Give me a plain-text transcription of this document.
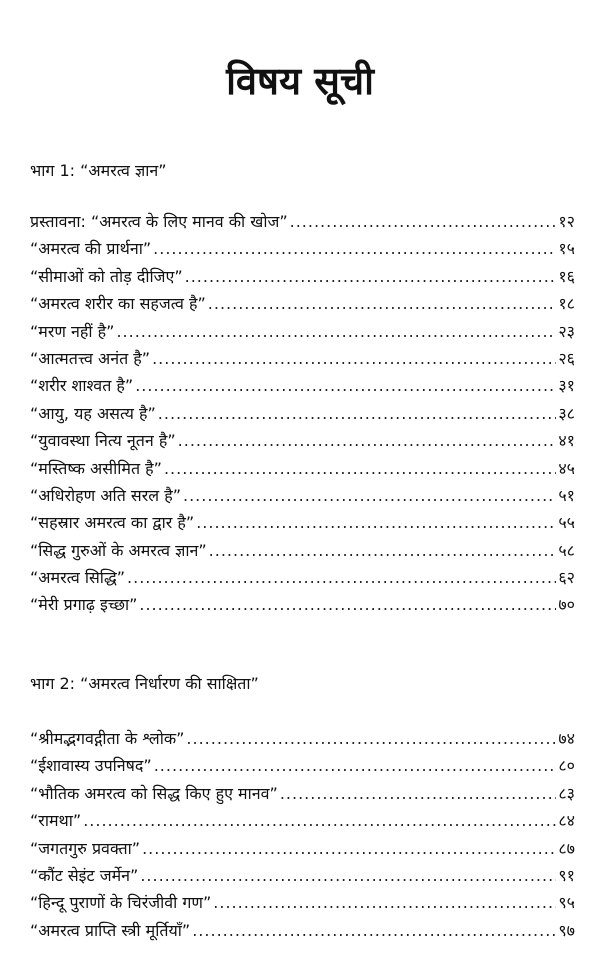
विषय सूची
भाग 1: “अमरत्व ज्ञान”
प्रस्तावना: “अमरत्व के लिए मानव की खोज” .....	१२
“अमरत्व की प्रार्थना” .....	१५
“सीमाओं को तोड़ दीजिए” .....	१६
“अमरत्व शरीर का सहजत्व है” .....	१८
“मरण नहीं है” .....	२३
“आत्मतत्त्व अनंत है” .....	२६
“शरीर शाश्वत है” .....	३१
“आयु, यह असत्य है” .....	३८
“युवावस्था नित्य नूतन है” .....	४१
“मस्तिष्क असीमित है” .....	४५
“अधिरोहण अति सरल है” .....	५१
“सहस्रार अमरत्व का द्वार है” .....	५५
“सिद्ध गुरुओं के अमरत्व ज्ञान” .....	५८
“अमरत्व सिद्धि” .....	६२
“मेरी प्रगाढ़ इच्छा” .....	७०
भाग 2: “अमरत्व निर्धारण की साक्षिता”
“श्रीमद्भगवद्गीता के श्लोक” .....	७४
“ईशावास्य उपनिषद” .....	८०
“भौतिक अमरत्व को सिद्ध किए हुए मानव” .....	८३
“रामथा” .....	८४
“जगतगुरु प्रवक्ता” .....	८७
“कौंट सेइंट जर्मेन” .....	९१
“हिन्दू पुराणों के चिरंजीवी गण” .....	९५
“अमरत्व प्राप्ति स्त्री मूर्तियाँ” .....	९७
